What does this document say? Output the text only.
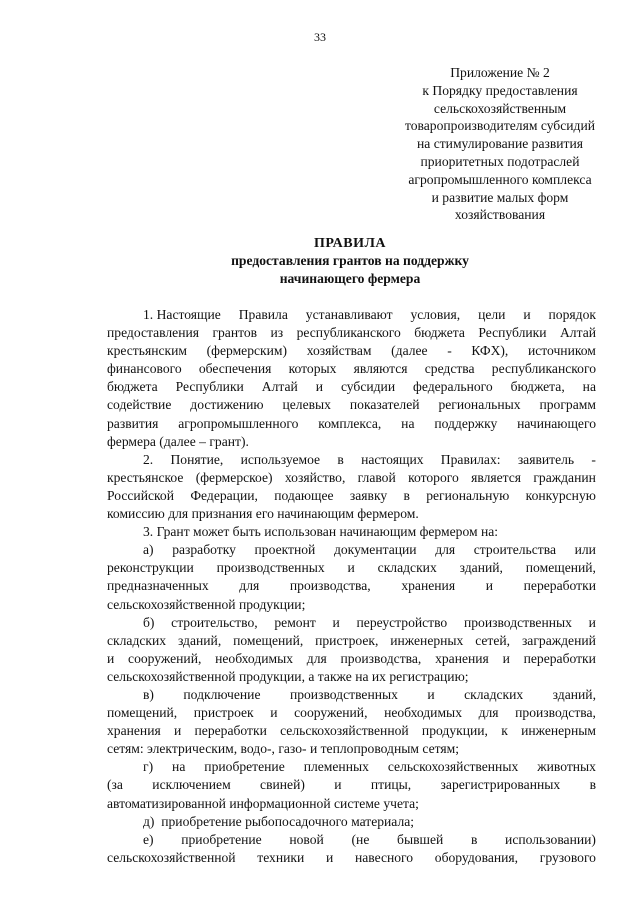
33
Приложение № 2
к Порядку предоставления
сельскохозяйственным
товаропроизводителям субсидий
на стимулирование развития
приоритетных подотраслей
агропромышленного комплекса
и развитие малых форм
хозяйствования
ПРАВИЛА
предоставления грантов на поддержку
начинающего фермера
1. Настоящие Правила устанавливают условия, цели и порядок
предоставления грантов из республиканского бюджета Республики Алтай
крестьянским (фермерским) хозяйствам (далее - КФХ), источником
финансового обеспечения которых являются средства республиканского
бюджета Республики Алтай и субсидии федерального бюджета, на
содействие достижению целевых показателей региональных программ
развития агропромышленного комплекса, на поддержку начинающего
фермера (далее – грант).
2. Понятие, используемое в настоящих Правилах: заявитель -
крестьянское (фермерское) хозяйство, главой которого является гражданин
Российской Федерации, подающее заявку в региональную конкурсную
комиссию для признания его начинающим фермером.
3. Грант может быть использован начинающим фермером на:
а) разработку проектной документации для строительства или
реконструкции производственных и складских зданий, помещений,
предназначенных для производства, хранения и переработки
сельскохозяйственной продукции;
б) строительство, ремонт и переустройство производственных и
складских зданий, помещений, пристроек, инженерных сетей, заграждений
и сооружений, необходимых для производства, хранения и переработки
сельскохозяйственной продукции, а также на их регистрацию;
в) подключение производственных и складских зданий,
помещений, пристроек и сооружений, необходимых для производства,
хранения и переработки сельскохозяйственной продукции, к инженерным
сетям: электрическим, водо-, газо- и теплопроводным сетям;
г) на приобретение племенных сельскохозяйственных животных
(за исключением свиней) и птицы, зарегистрированных в
автоматизированной информационной системе учета;
д)  приобретение рыбопосадочного материала;
е) приобретение новой (не бывшей в использовании)
сельскохозяйственной техники и навесного оборудования, грузового
